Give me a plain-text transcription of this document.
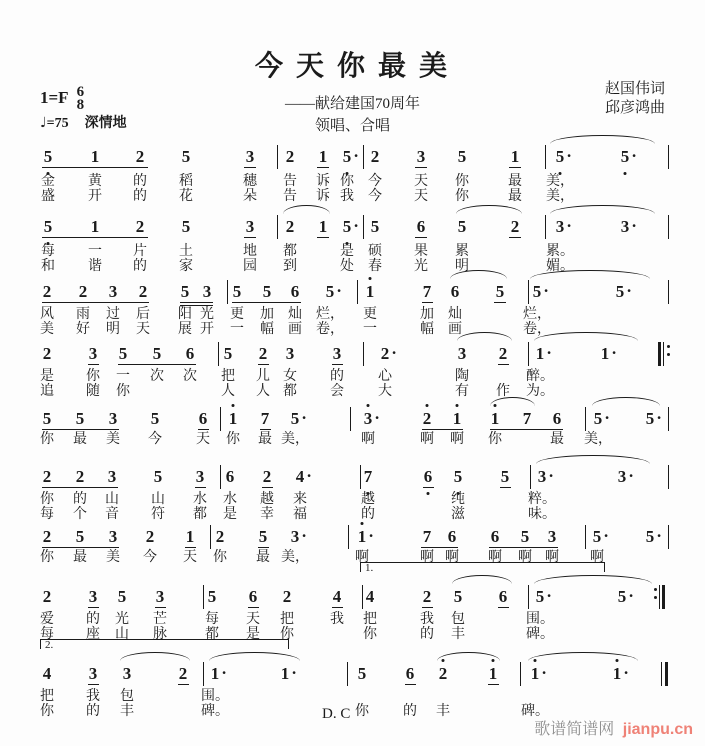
今 天 你 最 美
1=F 6
8
♩=75 深情地
——献给建国70周年
领唱、合唱
赵国伟词
邱彦鸿曲
5
金
盛
1
黄
开
2
的
的
5
稻
花
3
穗
朵
2
告
告
1
诉
诉
5 ·
你
我
2
今
今
3
天
天
5
你
你
1
最
最
5 ·
美，
美，
5 ·
5
每
和
1
一
谐
2
片
的
5
土
家
3
地
园
2
都
到
1 5 ·
是
处
5
硕
春
6
果
光
5
累
明
2 3 ·
累。
媚。
3 ·
2
风
美
2
雨
好
3
过
明
2
后
天
5
阳
展
3
光
开
5
更
一
5
加
幅
6
灿
画
5 ·
烂，
卷，
1
更
一
7
加
幅
6
灿
画
5 5 ·
烂，
卷，
5 ·
2
是
追
3
你
随
5
一
你
5
次
6
次
5
把
人
2
儿
人
3
女
都
3
的
会
2 ·
心
大
3
陶
有
2
作
1 ·
醉。
为。
1 ·
5
你
5
最
3
美
5
今
6
天
1
你
7
最
5 ·
美，
3 ·
啊
2
啊
1
啊
1
你
7 6
最
5 ·
美，
5 ·
2
你
每
2
的
个
3
山
音
5
山
符
3
水
都
6
水
是
2
越
幸
4 ·
来
福
7
越
的
6 5
纯
滋
5 3 ·
粹。
味。
3 ·
2
你
5
最
3
美
2
今
1
天
2
你
5
最
3 ·
美，
1 ·
啊
7
啊
6
啊
6
啊
5
啊
3
啊
5 ·
啊
5 ·
2
爱
每
3
的
座
5
光
山
3
芒
脉
5
每
都
6
天
是
2
把
你
4
我
4
把
你
2
我
的
5
包
丰
6 5 ·
围。
碑。
5 ·
1.
4
把
你
3
我
的
3
包
丰
2 1 ·
围。
碑。
1 ·	5
你
6
的
2
丰
1 1 ·
碑。
1 ·
2.
D. C
歌谱简谱网 jianpu.cn
